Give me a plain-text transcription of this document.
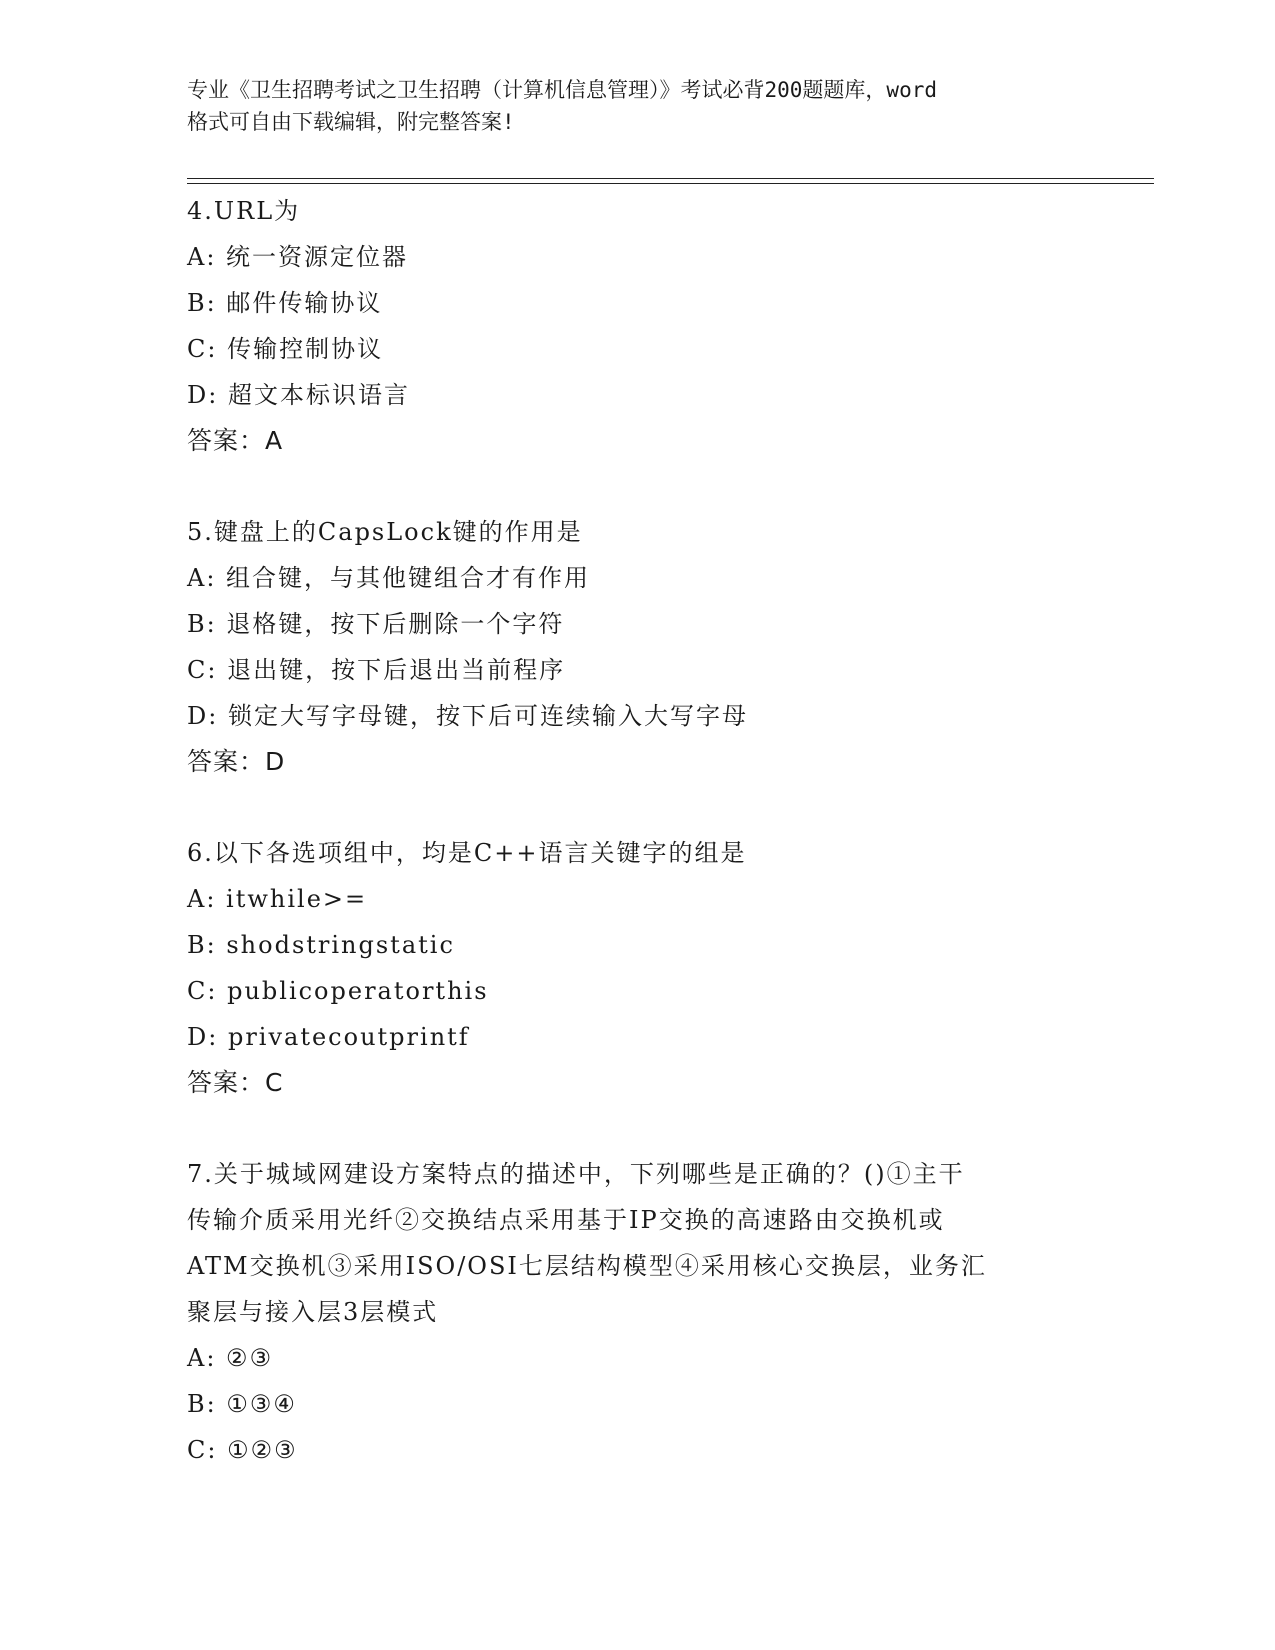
专业《卫生招聘考试之卫生招聘（计算机信息管理）》考试必背200题题库，word
格式可自由下载编辑，附完整答案!
4.URL为
A: 统一资源定位器
B: 邮件传输协议
C: 传输控制协议
D: 超文本标识语言
答案：A
5.键盘上的CapsLock键的作用是
A: 组合键，与其他键组合才有作用
B: 退格键，按下后删除一个字符
C: 退出键，按下后退出当前程序
D: 锁定大写字母键，按下后可连续输入大写字母
答案：D
6.以下各选项组中，均是C++语言关键字的组是
A: itwhile>=
B: shodstringstatic
C: publicoperatorthis
D: privatecoutprintf
答案：C
7.关于城域网建设方案特点的描述中，下列哪些是正确的？()①主干
传输介质采用光纤②交换结点采用基于IP交换的高速路由交换机或
ATM交换机③采用ISO/OSI七层结构模型④采用核心交换层，业务汇
聚层与接入层3层模式
A: ②③
B: ①③④
C: ①②③
